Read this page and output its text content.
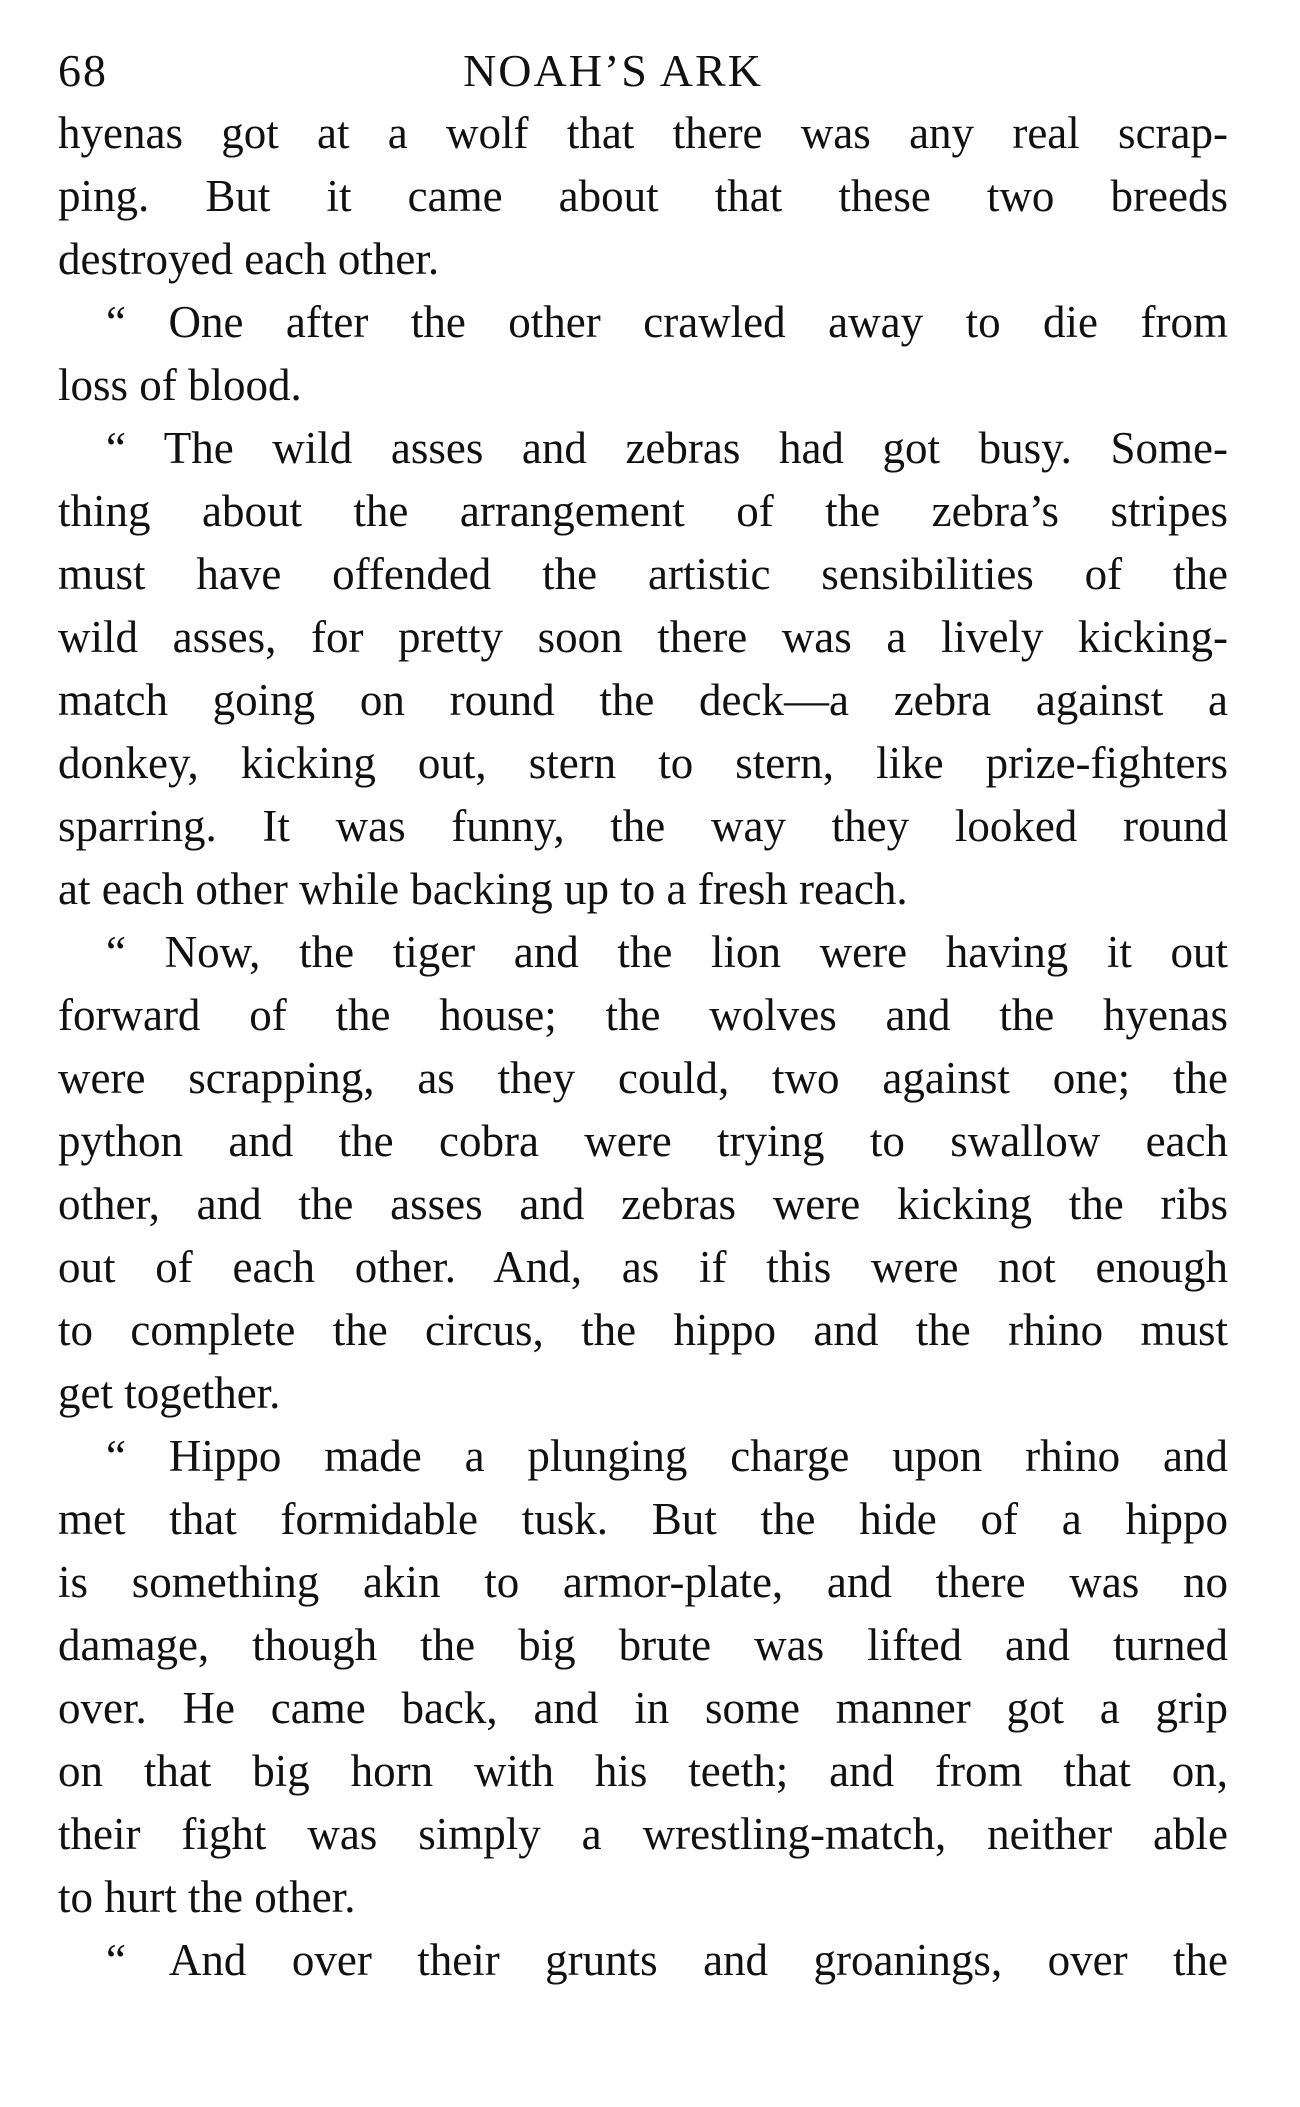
68	NOAH’S ARK
hyenas got at a wolf that there was any real scrap-
ping. But it came about that these two breeds
destroyed each other.
“ One after the other crawled away to die from
loss of blood.
“ The wild asses and zebras had got busy. Some-
thing about the arrangement of the zebra’s stripes
must have offended the artistic sensibilities of the
wild asses, for pretty soon there was a lively kicking-
match going on round the deck—a zebra against a
donkey, kicking out, stern to stern, like prize-fighters
sparring. It was funny, the way they looked round
at each other while backing up to a fresh reach.
“ Now, the tiger and the lion were having it out
forward of the house; the wolves and the hyenas
were scrapping, as they could, two against one; the
python and the cobra were trying to swallow each
other, and the asses and zebras were kicking the ribs
out of each other. And, as if this were not enough
to complete the circus, the hippo and the rhino must
get together.
“ Hippo made a plunging charge upon rhino and
met that formidable tusk. But the hide of a hippo
is something akin to armor-plate, and there was no
damage, though the big brute was lifted and turned
over. He came back, and in some manner got a grip
on that big horn with his teeth; and from that on,
their fight was simply a wrestling-match, neither able
to hurt the other.
“ And over their grunts and groanings, over the
